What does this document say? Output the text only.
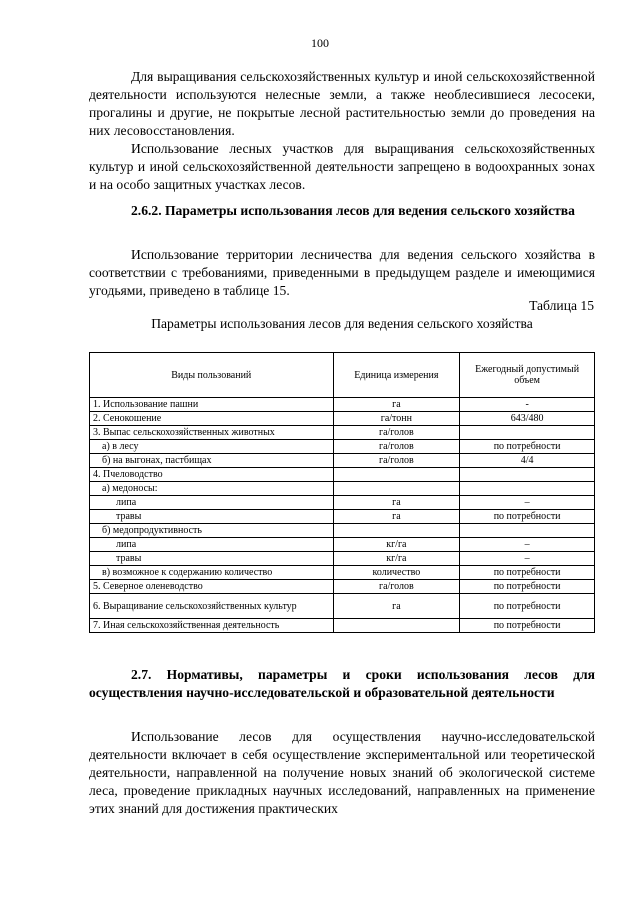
100

Для выращивания сельскохозяйственных культур и иной сельскохозяйственной деятельности используются нелесные земли, а также необлесившиеся лесосеки, прогалины и другие, не покрытые лесной растительностью земли до проведения на них лесовосстановления.

Использование лесных участков для выращивания сельскохозяйственных культур и иной сельскохозяйственной деятельности запрещено в водоохранных зонах и на особо защитных участках лесов.

2.6.2. Параметры использования лесов для ведения сельского хозяйства

Использование территории лесничества для ведения сельского хозяйства в соответствии с требованиями, приведенными в предыдущем разделе и имеющимися угодьями, приведено в таблице 15.

Таблица 15
Параметры использования лесов для ведения сельского хозяйства
Виды пользований	Единица измерения	Ежегодный допустимый объем
1. Использование пашни	га	-
2. Сенокошение	га/тонн	643/480
3. Выпас сельскохозяйственных животных	га/голов	
а) в лесу	га/голов	по потребности
б) на выгонах, пастбищах	га/голов	4/4
4. Пчеловодство		
а) медоносы:		
липа	га	–
травы	га	по потребности
б) медопродуктивность		
липа	кг/га	–
травы	кг/га	–
в) возможное к содержанию количество	количество	по потребности
5. Северное оленеводство	га/голов	по потребности
6. Выращивание сельскохозяйственных культур	га	по потребности
7. Иная сельскохозяйственная деятельность		по потребности

2.7. Нормативы, параметры и сроки использования лесов для осуществления научно-исследовательской и образовательной деятельности

Использование лесов для осуществления научно-исследовательской деятельности включает в себя осуществление экспериментальной или теоретической деятельности, направленной на получение новых знаний об экологической системе леса, проведение прикладных научных исследований, направленных на применение этих знаний для достижения практических
